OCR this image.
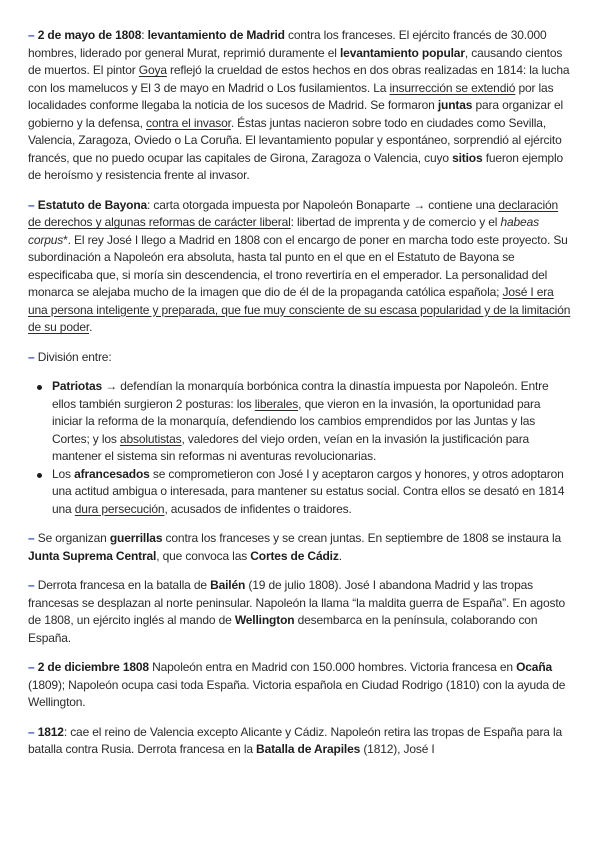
– 2 de mayo de 1808: levantamiento de Madrid contra los franceses. El ejército francés de 30.000 hombres, liderado por general Murat, reprimió duramente el levantamiento popular, causando cientos de muertos. El pintor Goya reflejó la crueldad de estos hechos en dos obras realizadas en 1814: la lucha con los mamelucos y El 3 de mayo en Madrid o Los fusilamientos. La insurrección se extendió por las localidades conforme llegaba la noticia de los sucesos de Madrid. Se formaron juntas para organizar el gobierno y la defensa, contra el invasor. Éstas juntas nacieron sobre todo en ciudades como Sevilla, Valencia, Zaragoza, Oviedo o La Coruña. El levantamiento popular y espontáneo, sorprendió al ejército francés, que no puedo ocupar las capitales de Girona, Zaragoza o Valencia, cuyo sitios fueron ejemplo de heroísmo y resistencia frente al invasor.

– Estatuto de Bayona: carta otorgada impuesta por Napoleón Bonaparte → contiene una declaración de derechos y algunas reformas de carácter liberal: libertad de imprenta y de comercio y el habeas corpus*. El rey José I llego a Madrid en 1808 con el encargo de poner en marcha todo este proyecto. Su subordinación a Napoleón era absoluta, hasta tal punto en el que en el Estatuto de Bayona se especificaba que, si moría sin descendencia, el trono revertiría en el emperador. La personalidad del monarca se alejaba mucho de la imagen que dio de él de la propaganda católica española; José I era una persona inteligente y preparada, que fue muy consciente de su escasa popularidad y de la limitación de su poder.

– División entre:

Patriotas → defendían la monarquía borbónica contra la dinastía impuesta por Napoleón. Entre ellos también surgieron 2 posturas: los liberales, que vieron en la invasión, la oportunidad para iniciar la reforma de la monarquía, defendiendo los cambios emprendidos por las Juntas y las Cortes; y los absolutistas, valedores del viejo orden, veían en la invasión la justificación para mantener el sistema sin reformas ni aventuras revolucionarias.
Los afrancesados se comprometieron con José I y aceptaron cargos y honores, y otros adoptaron una actitud ambigua o interesada, para mantener su estatus social. Contra ellos se desató en 1814 una dura persecución, acusados de infidentes o traidores.

– Se organizan guerrillas contra los franceses y se crean juntas. En septiembre de 1808 se instaura la Junta Suprema Central, que convoca las Cortes de Cádiz.

– Derrota francesa en la batalla de Bailén (19 de julio 1808). José I abandona Madrid y las tropas francesas se desplazan al norte peninsular. Napoleón la llama “la maldita guerra de España”. En agosto de 1808, un ejército inglés al mando de Wellington desembarca en la península, colaborando con España.

– 2 de diciembre 1808 Napoleón entra en Madrid con 150.000 hombres. Victoria francesa en Ocaña (1809); Napoleón ocupa casi toda España. Victoria española en Ciudad Rodrigo (1810) con la ayuda de Wellington.

– 1812: cae el reino de Valencia excepto Alicante y Cádiz. Napoleón retira las tropas de España para la batalla contra Rusia. Derrota francesa en la Batalla de Arapiles (1812), José I
